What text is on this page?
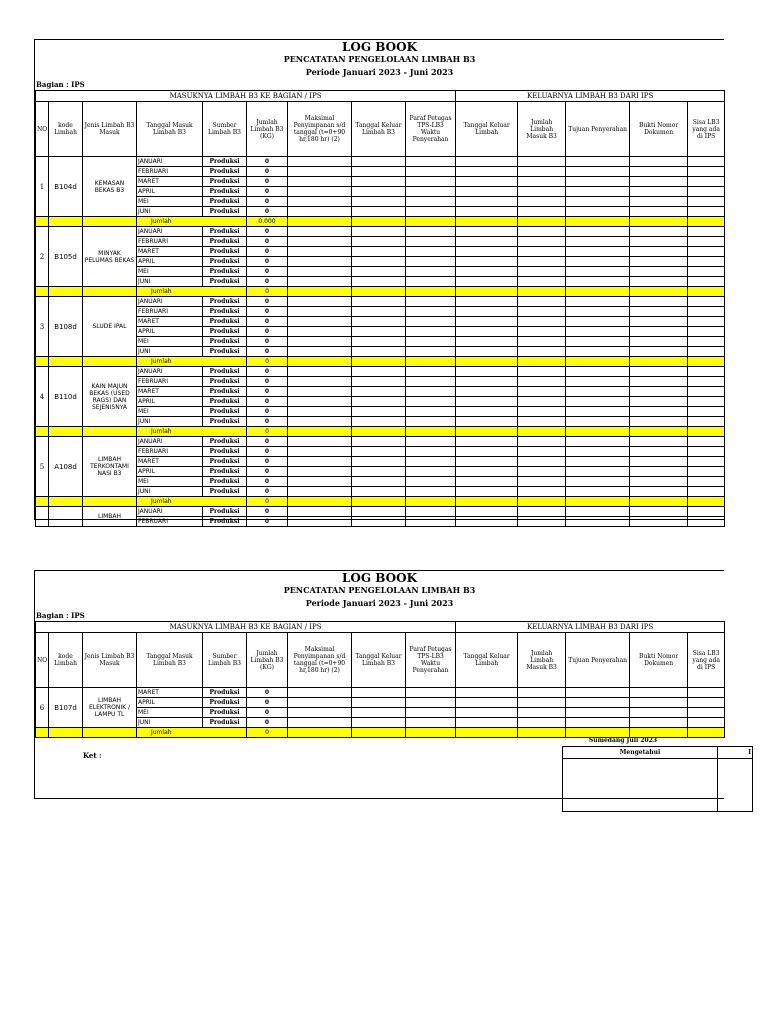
LOG BOOK
PENCATATAN PENGELOLAAN LIMBAH B3
Periode Januari 2023 - Juni 2023
Bagian : IPS
MASUKNYA LIMBAH B3 KE BAGIAN / IPS									KELUARNYA LIMBAH B3 DARI IPS				
NO	kode Limbah	Jenis Limbah B3 Masuk	Tanggal Masuk Limbah B3	Sumber Limbah B3	Jumlah Limbah B3 (KG)	Maksimal Penyimpanan s/d tanggal (t=0+90 hr,180 hr) (2)	Tanggal Keluar Limbah B3	Paraf Petugas TPS-LB3 Waktu Penyerahan	Tanggal Keluar Limbah	Jumlah Limbah Masuk B3	Tujuan Penyerahan	Bukti Nomor Dokumen	Sisa LB3 yang ada di IPS
1	B104d	KEMASAN BEKAS B3	JANUARI	Produksi	0								
			FEBRUARI	Produksi	0								
			MARET	Produksi	0								
			APRIL	Produksi	0								
			MEI	Produksi	0								
			JUNI	Produksi	0								
			Jumlah		0.000								
2	B105d	MINYAK PELUMAS BEKAS	JANUARI	Produksi	0								
			FEBRUARI	Produksi	0								
			MARET	Produksi	0								
			APRIL	Produksi	0								
			MEI	Produksi	0								
			JUNI	Produksi	0								
			Jumlah		0								
3	B108d	SLUDE IPAL	JANUARI	Produksi	0								
			FEBRUARI	Produksi	0								
			MARET	Produksi	0								
			APRIL	Produksi	0								
			MEI	Produksi	0								
			JUNI	Produksi	0								
			Jumlah		0								
4	B110d	KAIN MAJUN BEKAS (USED RAGS) DAN SEJENISNYA	JANUARI	Produksi	0								
			FEBRUARI	Produksi	0								
			MARET	Produksi	0								
			APRIL	Produksi	0								
			MEI	Produksi	0								
			JUNI	Produksi	0								
			Jumlah		0								
5	A108d	LIMBAH TERKONTAMI NASI B3	JANUARI	Produksi	0								
			FEBRUARI	Produksi	0								
			MARET	Produksi	0								
			APRIL	Produksi	0								
			MEI	Produksi	0								
			JUNI	Produksi	0								
			Jumlah		0								
		LIMBAH	JANUARI	Produksi	0								
			FEBRUARI	Produksi	0								
LOG BOOK
PENCATATAN PENGELOLAAN LIMBAH B3
Periode Januari 2023 - Juni 2023
Bagian : IPS
MASUKNYA LIMBAH B3 KE BAGIAN / IPS									KELUARNYA LIMBAH B3 DARI IPS				
NO	kode Limbah	Jenis Limbah B3 Masuk	Tanggal Masuk Limbah B3	Sumber Limbah B3	Jumlah Limbah B3 (KG)	Maksimal Penyimpanan s/d tanggal (t=0+90 hr,180 hr) (2)	Tanggal Keluar Limbah B3	Paraf Petugas TPS-LB3 Waktu Penyerahan	Tanggal Keluar Limbah	Jumlah Limbah Masuk B3	Tujuan Penyerahan	Bukti Nomor Dokumen	Sisa LB3 yang ada di IPS
6	B107d	LIMBAH ELEKTRONIK / LAMPU TL	MARET	Produksi	0								
			APRIL	Produksi	0								
			MEI	Produksi	0								
			JUNI	Produksi	0								
			Jumlah		0								
Ket :
Sumedang Juli 2023
Mengetahui	I
